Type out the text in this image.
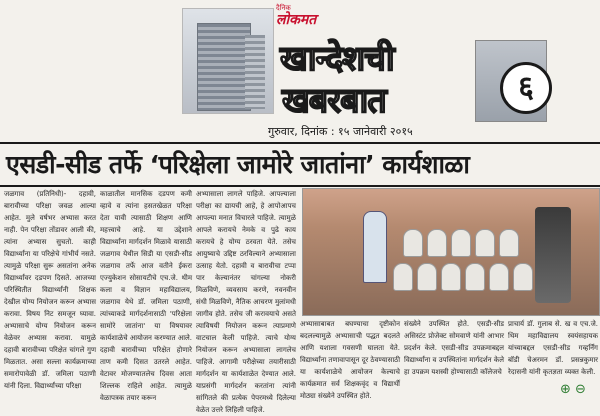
दैनिक
लोकमत
खान्देशची
खबरबात	६
गुरुवार, दिनांक : १५ जानेवारी २०१५
एसडी-सीड तर्फे ‘परिक्षेला जामोरे जातांना’ कार्यशाळा
जळगाव (प्रतिनिधी)- दहावी, बारावीच्या परिक्षा जवळ आल्या आहेत. मुले वर्षभर अभ्यास करत नाही. पेन परिक्षा तोंडावर आली की, त्यांना अभ्यास सुचतो. काही विद्यार्थ्यांना या परिक्षेचे गांभीर्य नसते. त्यामुळे परिक्षा सुरू असतांना अनेक विद्यार्थ्यांवर दडपण दिसते. आजच्या परिस्थितीत विद्यार्थ्यांनी शिक्षक देखील योग्य नियोजन करून अभ्यास करावा. विषय निट समजून घ्यावा. अभ्यासाचे योग्य नियोजन करून वेळेवर अभ्यास करावा. यामुळे दहावी बारावीच्या परिक्षेत चांगले गुण मिळतात. असा सल्ला कार्यक्रमाच्या समारोपावेळी डॉ. जमिला पठाणी यांनी दिला. विद्यार्थ्यांच्या परिक्षा
काळातील मानसिक दडपण कमी व्हावे व त्यांना हसतखेळत परिक्षा देता यावी त्यासाठी शिक्षण आणि महत्त्वाचे आहे. या उद्देशाने विद्यार्थ्यांना मार्गदर्शन मिळावे यासाठी जळगाव येथील सिडी या एसडी-सीड जळगाव तर्फे आज वतीने ईकरा एज्युकेशन सोसायटीचे एच.जे. थीम कला व विज्ञान महाविद्यालय, जळगाव येथे डॉ. जमिला पठाणी, त्यांच्याकडे मार्गदर्शनासाठी 'परिक्षेला सामोरे जातांना' या विषयावर कार्यशाळेचे आयोजन करण्यात आले. दहावी बारावीच्या परिक्षेत होणारे ताण कमी दिसत उतरले आहेत. वेटावर मोजण्यातलेच दिवस आता शिल्लक राहिले आहेत. त्यामुळे वेळापत्रक तयार करून
अभ्यासाला लागले पाहिजे. आपल्याला परीक्षा का द्यायची आहे, हे आपोआपच आपल्या मनात विचारले पाहिजे. त्यामुळे आपले करायचे नेमके व पुढे काय करायचे हे योग्य ठरवता येते. तसेच आयुष्याचे उद्दिष्ट ठरविल्याने अभ्यासाला उत्साह येतो. दहावी व बारावीचा टप्पा पार केल्यानंतर चांगल्या नोकरी मिळविणे, व्यवसाय करणे, नवनवीन संधी मिळविणे, नैतिक आचरण मुलांमधी जागीव होते. तसेच जी करावयाचे असते त्याविषयी नियोजन करून त्याप्रमाणे वाटचाल केली पाहिजे. त्याचे योग्य नियोजन करून अभ्यासाला लागलेच पाहिजे. आगामी परीक्षेच्या तयारीसाठी मार्गदर्शन या कार्यशाळेत देण्यात आले. याप्रसंगी मार्गदर्शन करतांना त्यांनी सांगितले की प्रत्येक पेपरमध्ये दिलेल्या वेळेत उत्तरे लिहिली पाहिजे.
अभ्यासाबाबत बघण्याचा दृष्टीकोन बदलल्यामुळे अभ्यासाची पद्धत बदलते आणि यशाला गवसणी घालता येते. विद्यार्थ्यांना तणावापासून दूर ठेवण्यासाठी या कार्यशाळेचे आयोजन केल्याचे कार्यक्रमात सर्व शिक्षकवृंद व विद्यार्थी मोठ्या संख्येने उपस्थित होते.
संख्येने उपस्थित होते. एसडी-सीड असिस्टंट प्रोजेक्ट सोमवाणे यांनी आभार प्रदर्शन केले. एसडी-सीड उपक्रमाबद्दल विद्यार्थ्यांना व उपस्थितांना मार्गदर्शन केले हा उपक्रम यशस्वी होण्यासाठी कॉलेजचे
प्राचार्य डॉ. गुलाब से. ख व एच.जे. थिम महाविद्यालय स्वयंसहायक यांच्याबद्दल एसडी-सीड गव्हर्निंग बॉडी चेअरमन डॉ. प्रसन्नकुमार रेदासनी यांनी कृतज्ञता व्यक्त केली.
⊕ ⊖
